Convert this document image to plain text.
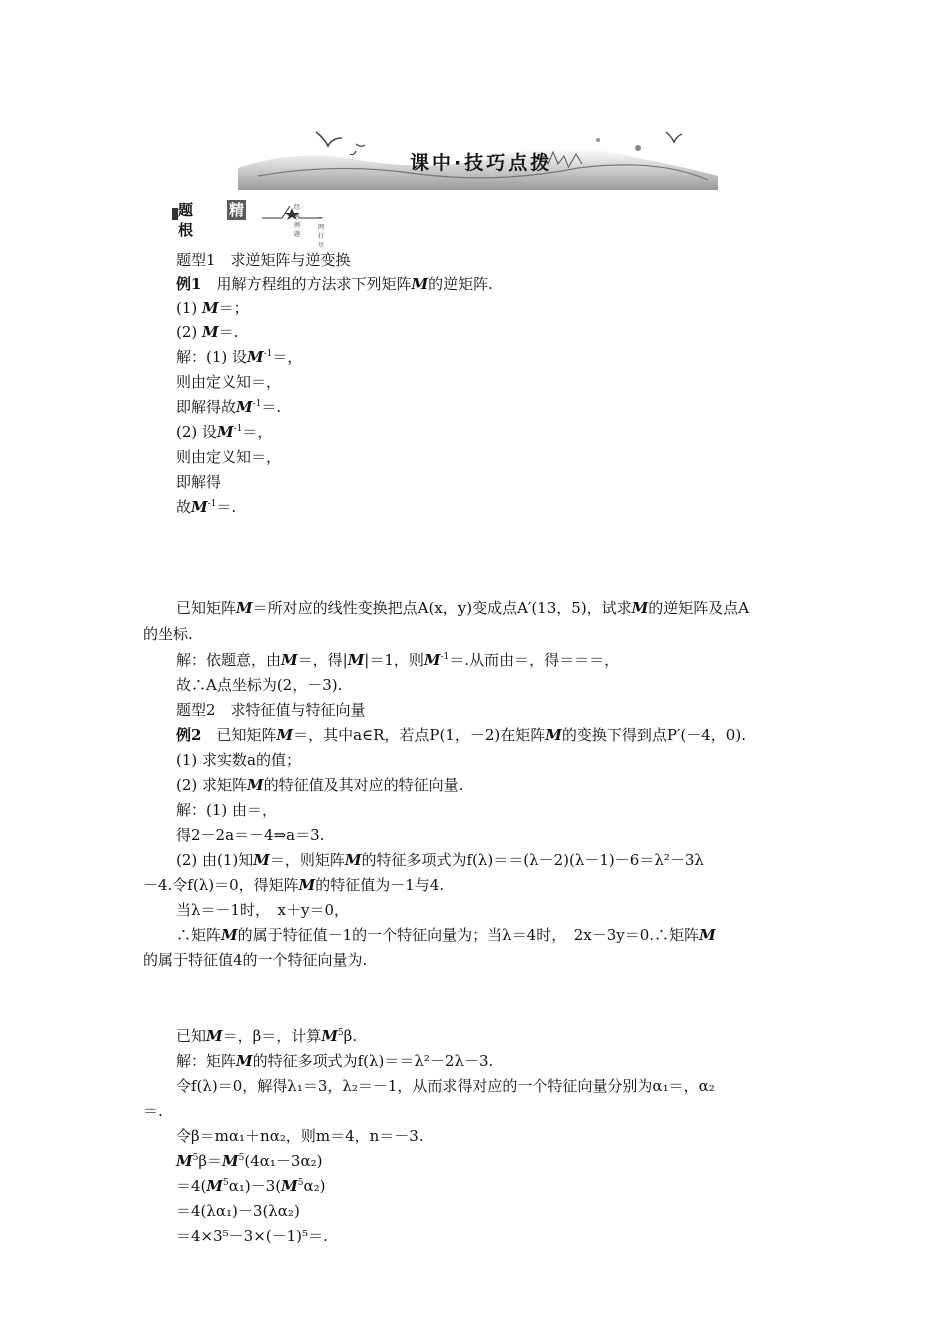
课中·技巧点拨
题根
精选
经典例题
一网打尽
题型1　求逆矩阵与逆变换
例1　用解方程组的方法求下列矩阵M的逆矩阵.
(1) M＝；
(2) M＝.
解：(1) 设$M^{-1}=$，
则由定义知＝，
即解得故$M^{-1}=$.
(2) 设$M^{-1}=$，
则由定义知＝，
即解得
故$M^{-1}=$.
已知矩阵M＝所对应的线性变换把点A(x，y)变成点A′(13，5)，试求M的逆矩阵及点A
的坐标.
解：依题意，由M＝，得|M|＝1，则$M^{-1}=$.从而由＝，得＝＝＝，
故∴A点坐标为(2，－3).
题型2　求特征值与特征向量
例2　已知矩阵M＝，其中a∈R，若点P(1，－2)在矩阵M的变换下得到点P′(－4，0).
(1) 求实数a的值；
(2) 求矩阵M的特征值及其对应的特征向量.
解：(1) 由＝，
得2－2a＝－4⇒a＝3.
(2) 由(1)知M＝，则矩阵M的特征多项式为f(λ)＝＝(λ－2)(λ－1)－6＝λ²－3λ
－4.令f(λ)＝0，得矩阵M的特征值为－1与4.
当λ＝－1时，　x＋y＝0，
∴矩阵M的属于特征值－1的一个特征向量为；当λ＝4时，　2x－3y＝0.∴矩阵M
的属于特征值4的一个特征向量为.
已知M＝，β＝，计算$M^5\beta$.
解：矩阵M的特征多项式为f(λ)＝＝λ²－2λ－3.
令f(λ)＝0，解得λ₁＝3，λ₂＝－1，从而求得对应的一个特征向量分别为α₁＝，α₂
＝.
令β＝mα₁＋nα₂，则m＝4，n＝－3.
$M^5\beta=M^5(4\alpha_1-3\alpha_2)$
$=4(M^5\alpha_1)-3(M^5\alpha_2)$
＝4(λα₁)－3(λα₂)
＝4×3⁵－3×(－1)⁵＝.
